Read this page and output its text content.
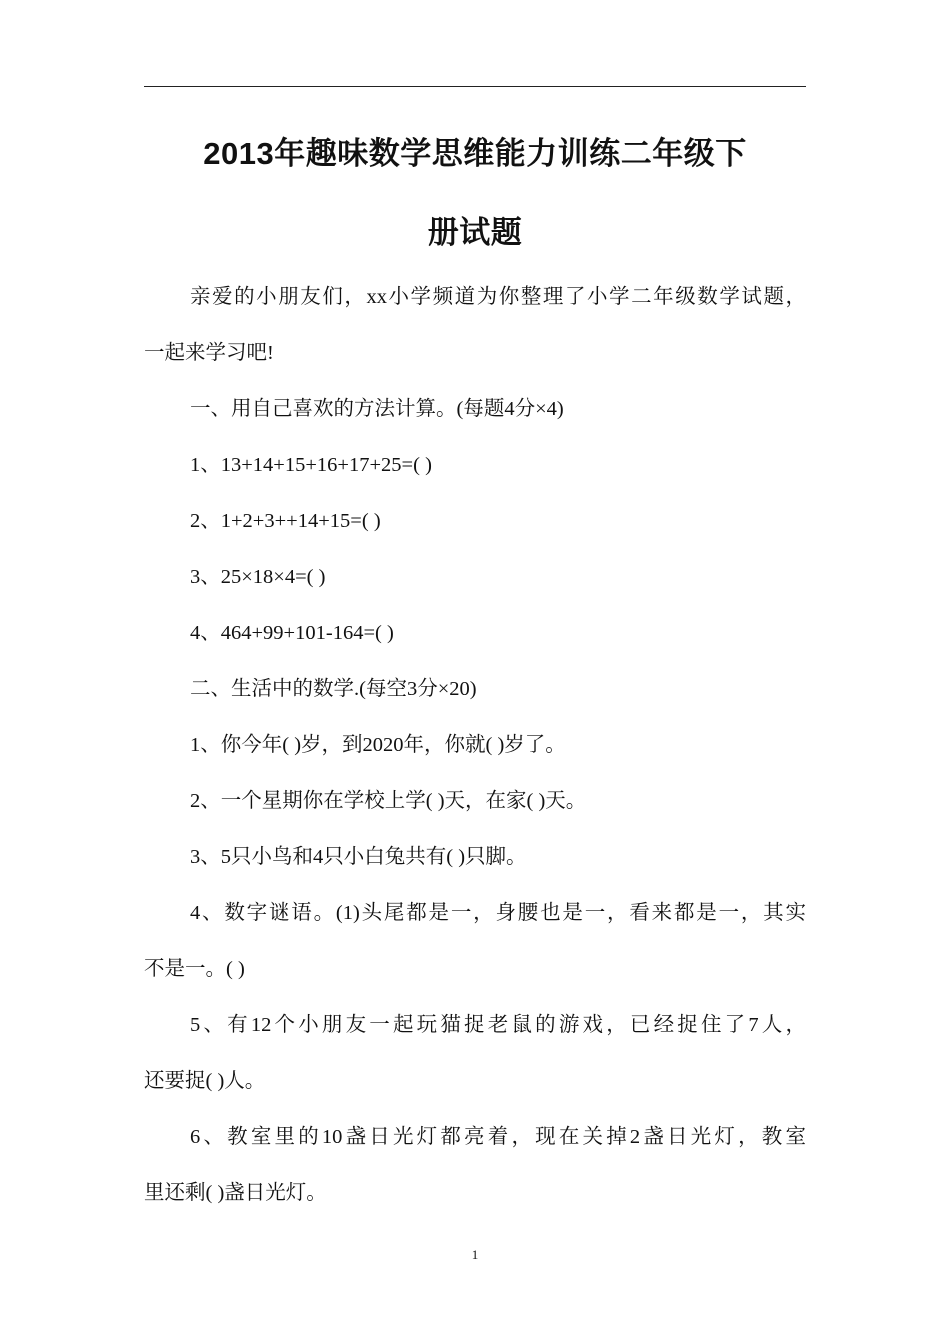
2013年趣味数学思维能力训练二年级下
册试题
亲爱的小朋友们，xx小学频道为你整理了小学二年级数学试题，
一起来学习吧!
一、用自己喜欢的方法计算。(每题4分×4)
1、13+14+15+16+17+25=( )
2、1+2+3++14+15=( )
3、25×18×4=( )
4、464+99+101-164=( )
二、生活中的数学.(每空3分×20)
1、你今年( )岁，到2020年，你就( )岁了。
2、一个星期你在学校上学( )天，在家( )天。
3、5只小鸟和4只小白兔共有( )只脚。
4、数字谜语。(1)头尾都是一，身腰也是一，看来都是一，其实
不是一。( )
5、有12个小朋友一起玩猫捉老鼠的游戏，已经捉住了7人，
还要捉( )人。
6、教室里的10盏日光灯都亮着，现在关掉2盏日光灯，教室
里还剩( )盏日光灯。
1
